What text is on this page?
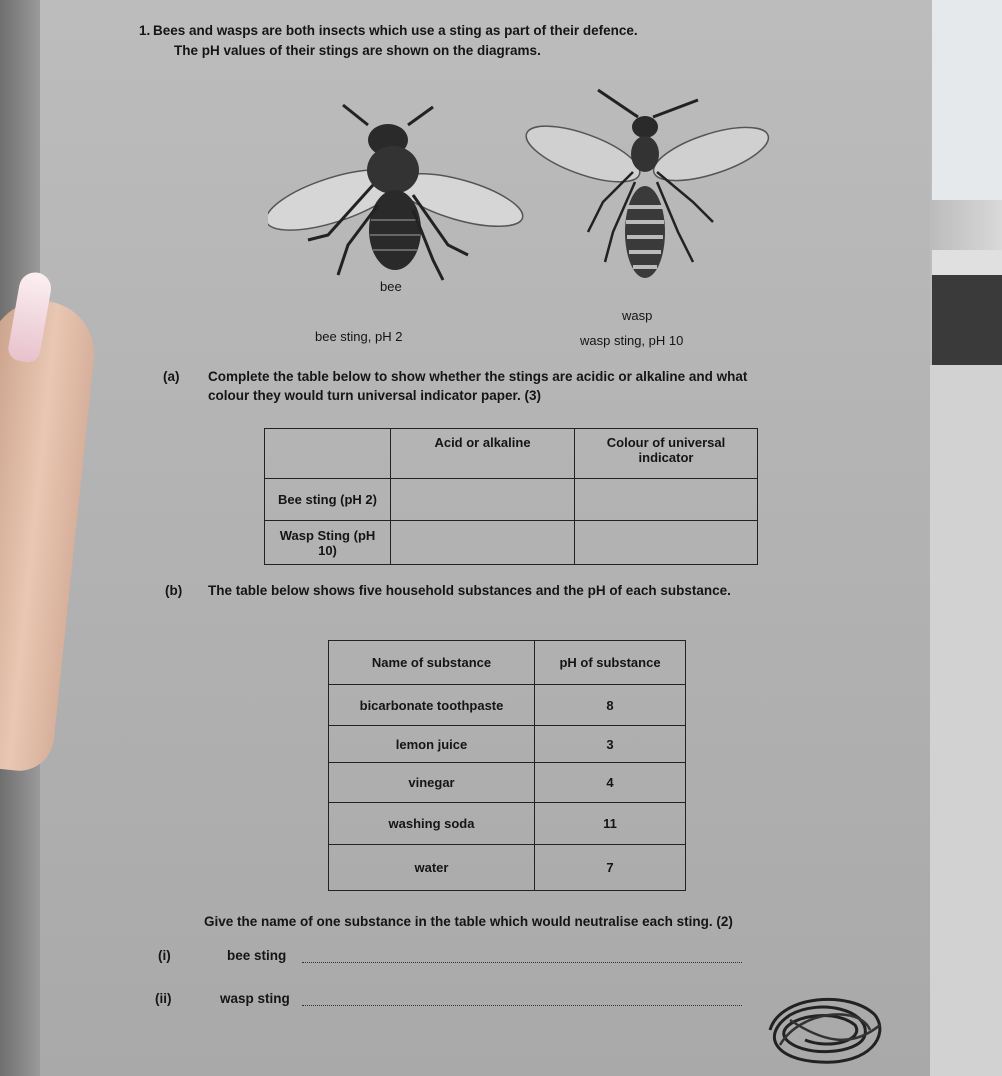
1. Bees and wasps are both insects which use a sting as part of their defence.
The pH values of their stings are shown on the diagrams.
bee
bee sting, pH 2
wasp
wasp sting, pH 10
(a) Complete the table below to show whether the stings are acidic or alkaline and what
colour they would turn universal indicator paper. (3)
	Acid or alkaline	Colour of universal indicator
Bee sting (pH 2)		
Wasp Sting (pH 10)		
(b) The table below shows five household substances and the pH of each substance.
Name of substance	pH of substance
bicarbonate toothpaste	8
lemon juice	3
vinegar	4
washing soda	11
water	7
Give the name of one substance in the table which would neutralise each sting. (2)
(i)	bee sting
(ii)	wasp sting
